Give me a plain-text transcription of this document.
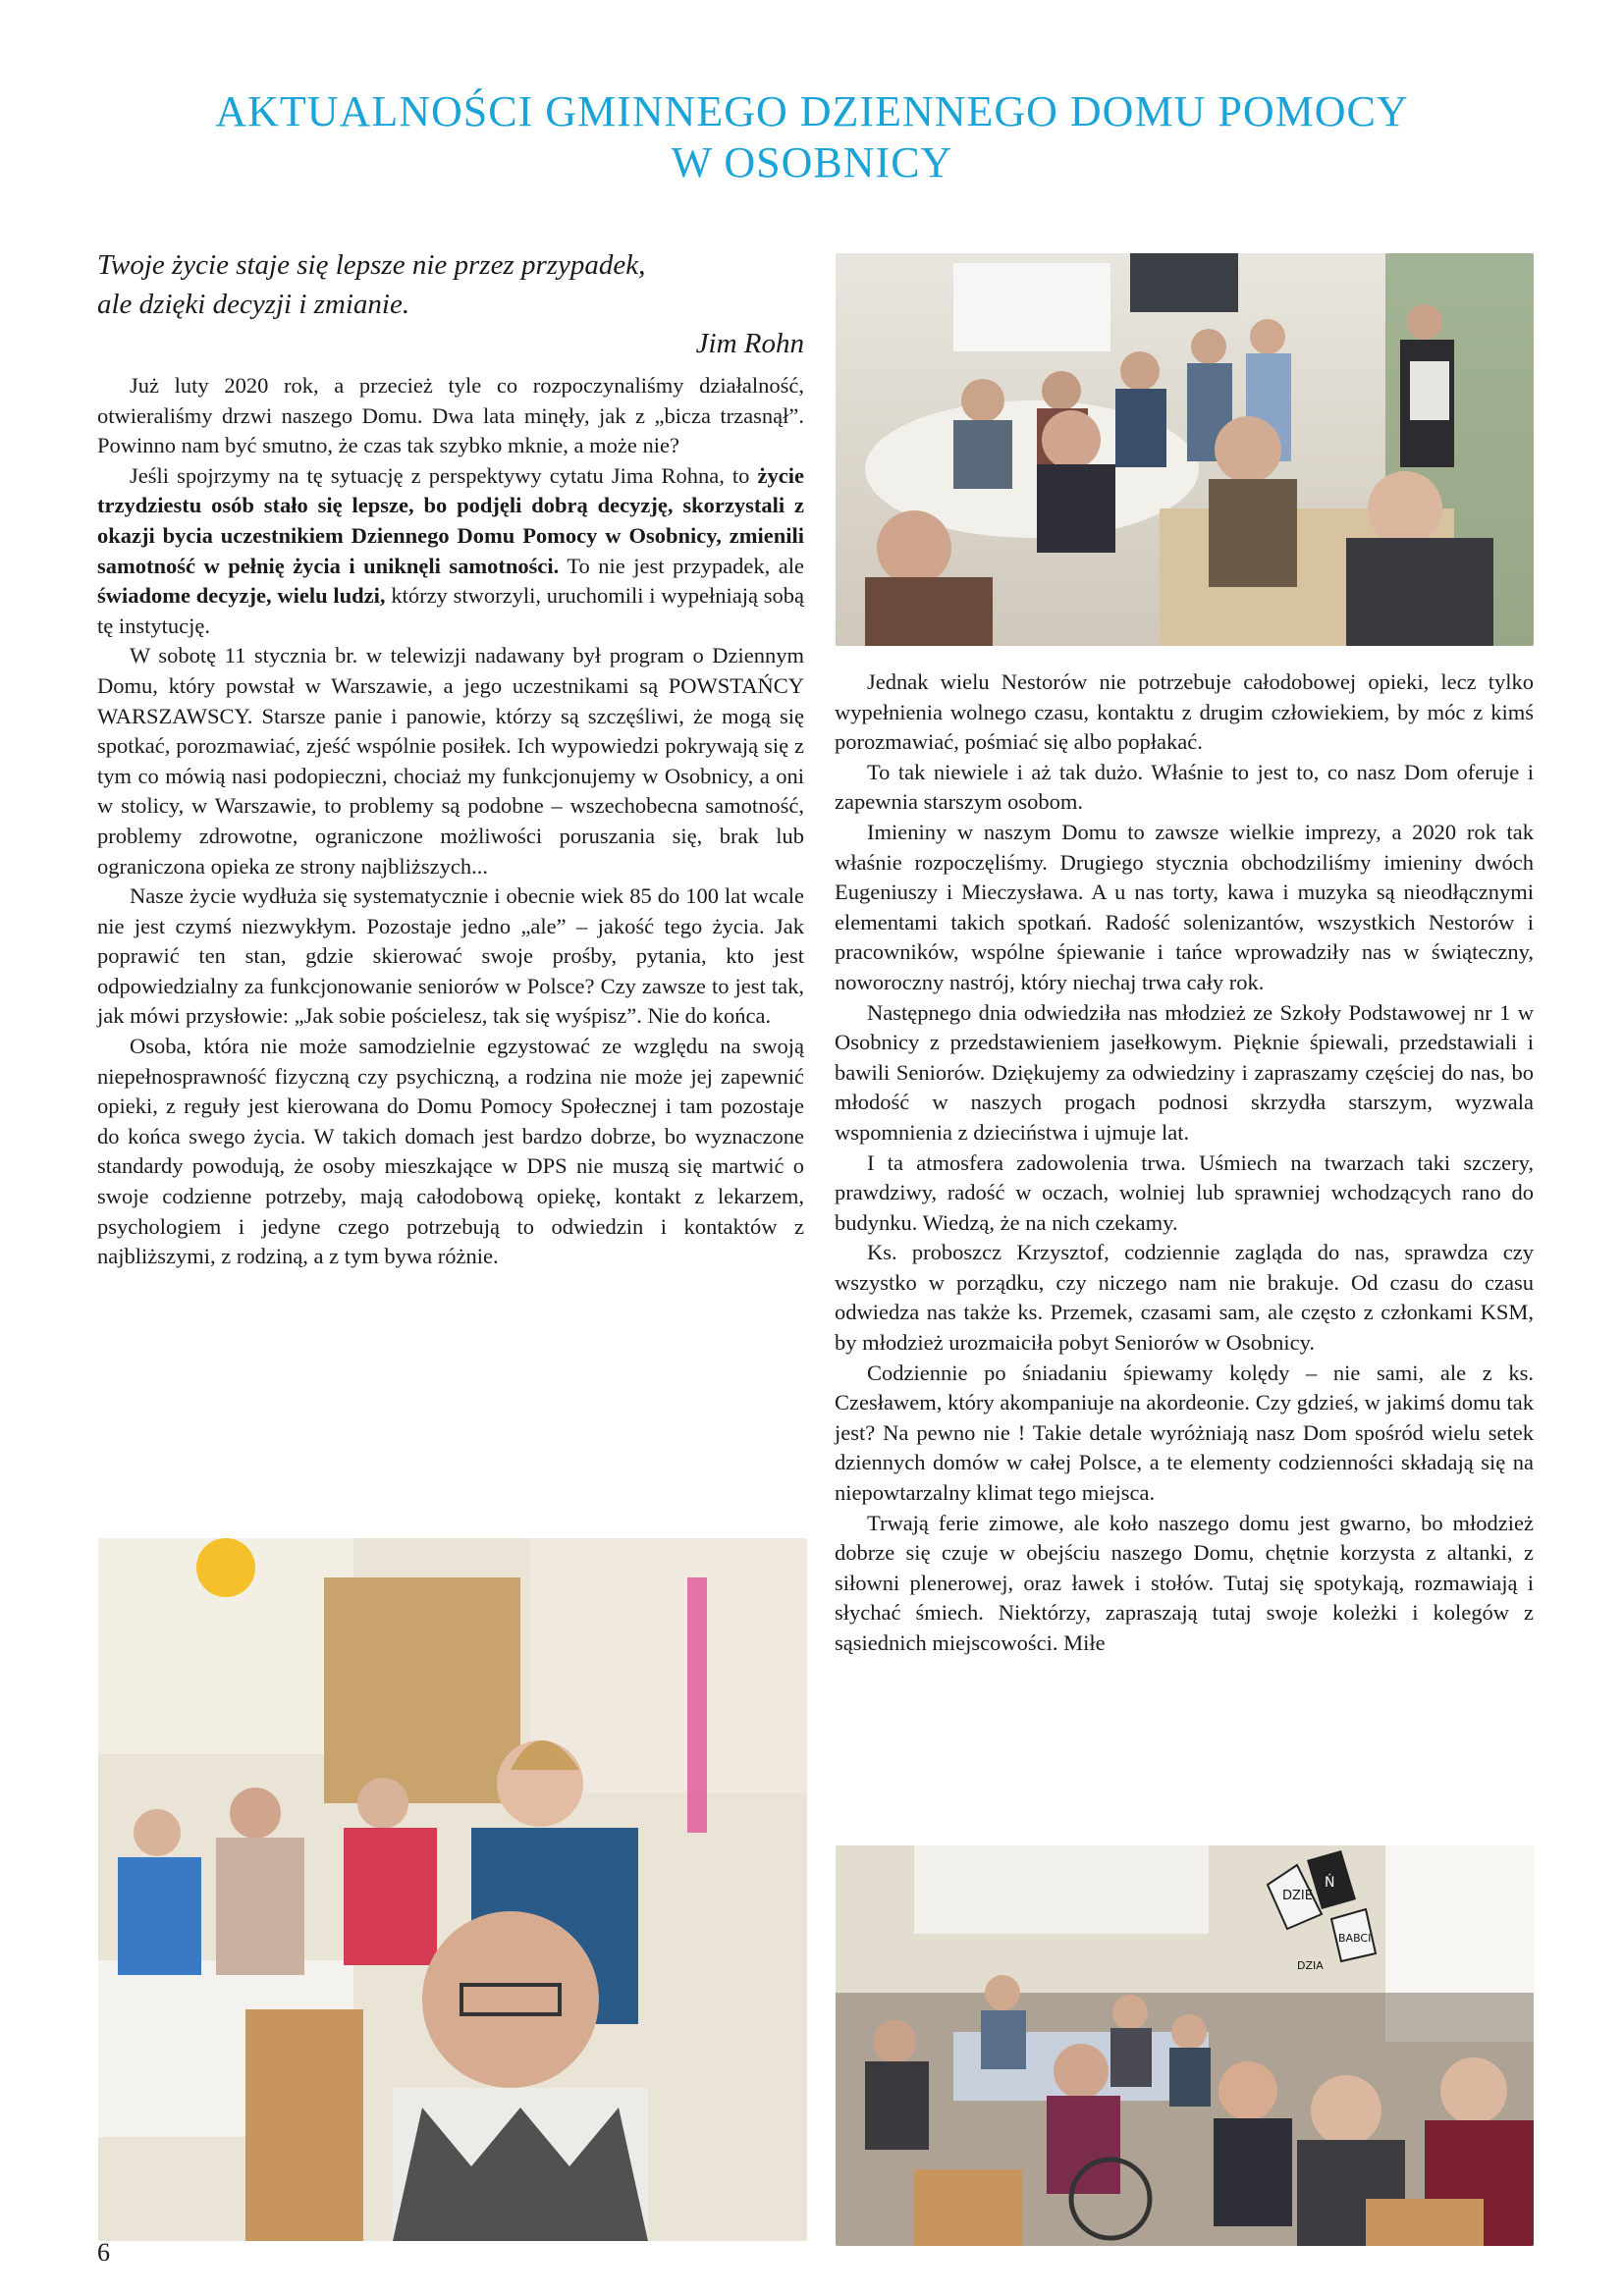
AKTUALNOŚCI GMINNEGO DZIENNEGO DOMU POMOCY
W OSOBNICY
Twoje życie staje się lepsze nie przez przypadek,
ale dzięki decyzji i zmianie.
Jim Rohn

Już luty 2020 rok, a przecież tyle co rozpoczynaliśmy działalność, otwieraliśmy drzwi naszego Domu. Dwa lata minęły, jak z „bicza trzasnął”. Powinno nam być smutno, że czas tak szybko mknie, a może nie?

Jeśli spojrzymy na tę sytuację z perspektywy cytatu Jima Rohna, to życie trzydziestu osób stało się lepsze, bo podjęli dobrą decyzję, skorzystali z okazji bycia uczestnikiem Dziennego Domu Pomocy w Osobnicy, zmienili samotność w pełnię życia i uniknęli samotności. To nie jest przypadek, ale świadome decyzje, wielu ludzi, którzy stworzyli, uruchomili i wypełniają sobą tę instytucję.

W sobotę 11 stycznia br. w telewizji nadawany był program o Dziennym Domu, który powstał w Warszawie, a jego uczestnikami są POWSTAŃCY WARSZAWSCY. Starsze panie i panowie, którzy są szczęśliwi, że mogą się spotkać, porozmawiać, zjeść wspólnie posiłek. Ich wypowiedzi pokrywają się z tym co mówią nasi podopieczni, chociaż my funkcjonujemy w Osobnicy, a oni w stolicy, w Warszawie, to problemy są podobne – wszechobecna samotność, problemy zdrowotne, ograniczone możliwości poruszania się, brak lub ograniczona opieka ze strony najbliższych...

Nasze życie wydłuża się systematycznie i obecnie wiek 85 do 100 lat wcale nie jest czymś niezwykłym. Pozostaje jedno „ale” – jakość tego życia. Jak poprawić ten stan, gdzie skierować swoje prośby, pytania, kto jest odpowiedzialny za funkcjonowanie seniorów w Polsce? Czy zawsze to jest tak, jak mówi przysłowie: „Jak sobie pościelesz, tak się wyśpisz”. Nie do końca.

Osoba, która nie może samodzielnie egzystować ze względu na swoją niepełnosprawność fizyczną czy psychiczną, a rodzina nie może jej zapewnić opieki, z reguły jest kierowana do Domu Pomocy Społecznej i tam pozostaje do końca swego życia. W takich domach jest bardzo dobrze, bo wyznaczone standardy powodują, że osoby mieszkające w DPS nie muszą się martwić o swoje codzienne potrzeby, mają całodobową opiekę, kontakt z lekarzem, psychologiem i jedyne czego potrzebują to odwiedzin i kontaktów z najbliższymi, z rodziną, a z tym bywa różnie.

Jednak wielu Nestorów nie potrzebuje całodobowej opieki, lecz tylko wypełnienia wolnego czasu, kontaktu z drugim człowiekiem, by móc z kimś porozmawiać, pośmiać się albo popłakać.

To tak niewiele i aż tak dużo. Właśnie to jest to, co nasz Dom oferuje i zapewnia starszym osobom.

Imieniny w naszym Domu to zawsze wielkie imprezy, a 2020 rok tak właśnie rozpoczęliśmy. Drugiego stycznia obchodziliśmy imieniny dwóch Eugeniuszy i Mieczysława. A u nas torty, kawa i muzyka są nieodłącznymi elementami takich spotkań. Radość solenizantów, wszystkich Nestorów i pracowników, wspólne śpiewanie i tańce wprowadziły nas w świąteczny, noworoczny nastrój, który niechaj trwa cały rok.

Następnego dnia odwiedziła nas młodzież ze Szkoły Podstawowej nr 1 w Osobnicy z przedstawieniem jasełkowym. Pięknie śpiewali, przedstawiali i bawili Seniorów. Dziękujemy za odwiedziny i zapraszamy częściej do nas, bo młodość w naszych progach podnosi skrzydła starszym, wyzwala wspomnienia z dzieciństwa i ujmuje lat.

I ta atmosfera zadowolenia trwa. Uśmiech na twarzach taki szczery, prawdziwy, radość w oczach, wolniej lub sprawniej wchodzących rano do budynku. Wiedzą, że na nich czekamy.

Ks. proboszcz Krzysztof, codziennie zagląda do nas, sprawdza czy wszystko w porządku, czy niczego nam nie brakuje. Od czasu do czasu odwiedza nas także ks. Przemek, czasami sam, ale często z członkami KSM, by młodzież urozmaiciła pobyt Seniorów w Osobnicy.

Codziennie po śniadaniu śpiewamy kolędy – nie sami, ale z ks. Czesławem, który akompaniuje na akordeonie. Czy gdzieś, w jakimś domu tak jest? Na pewno nie ! Takie detale wyróżniają nasz Dom spośród wielu setek dziennych domów w całej Polsce, a te elementy codzienności składają się na niepowtarzalny klimat tego miejsca.

Trwają ferie zimowe, ale koło naszego domu jest gwarno, bo młodzież dobrze się czuje w obejściu naszego Domu, chętnie korzysta z altanki, z siłowni plenerowej, oraz ławek i stołów. Tutaj się spotykają, rozmawiają i słychać śmiech. Niektórzy, zapraszają tutaj swoje koleżki i kolegów z sąsiednich miejscowości. Miłe

DZIE
Ń
BABCI
DZIA
6
